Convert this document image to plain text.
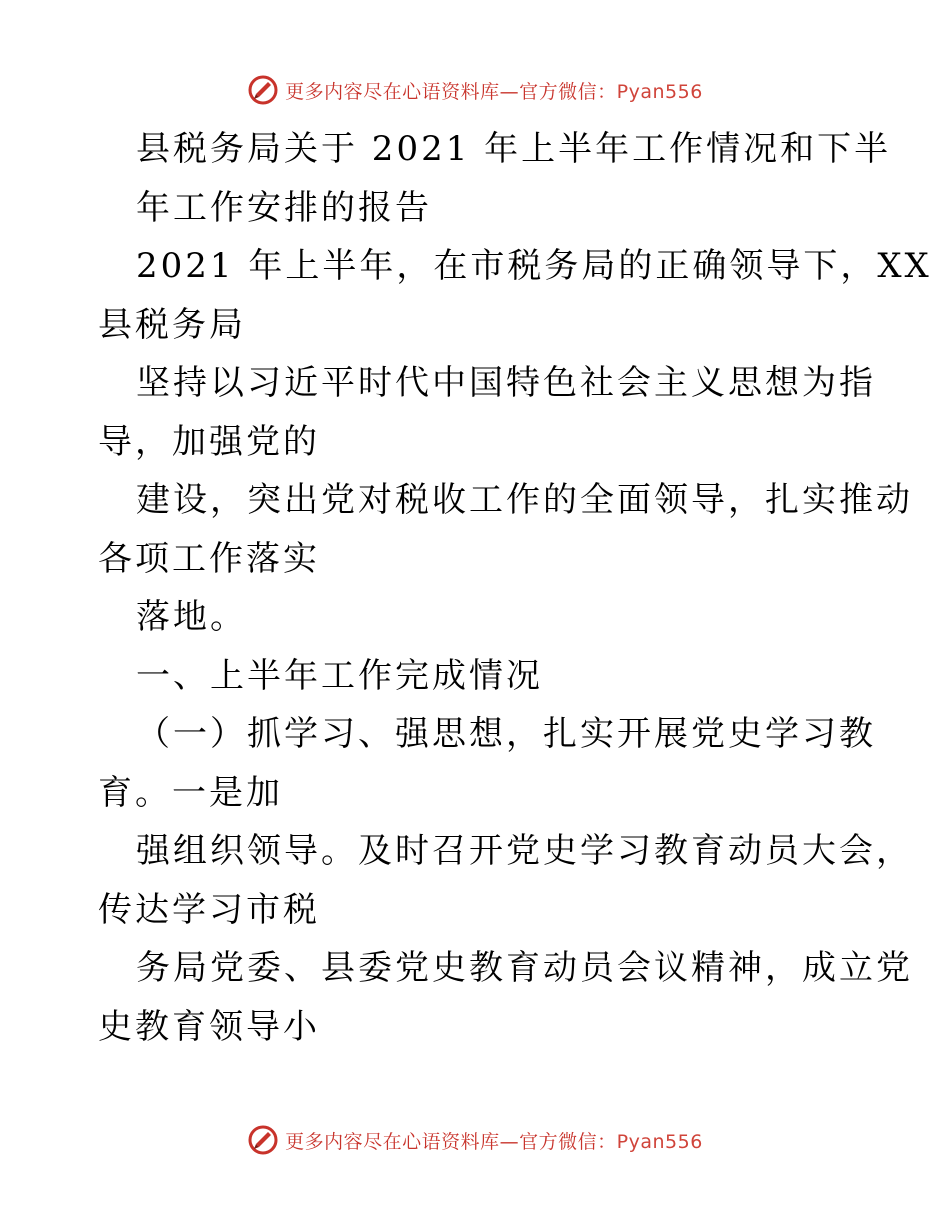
更多内容尽在心语资料库—官方微信：Pyan556
县税务局关于 2021 年上半年工作情况和下半
年工作安排的报告
2021 年上半年，在市税务局的正确领导下，XX
县税务局
坚持以习近平时代中国特色社会主义思想为指
导，加强党的
建设，突出党对税收工作的全面领导，扎实推动
各项工作落实
落地。
一、上半年工作完成情况
（一）抓学习、强思想，扎实开展党史学习教
育。一是加
强组织领导。及时召开党史学习教育动员大会，
传达学习市税
务局党委、县委党史教育动员会议精神，成立党
史教育领导小
更多内容尽在心语资料库—官方微信：Pyan556
